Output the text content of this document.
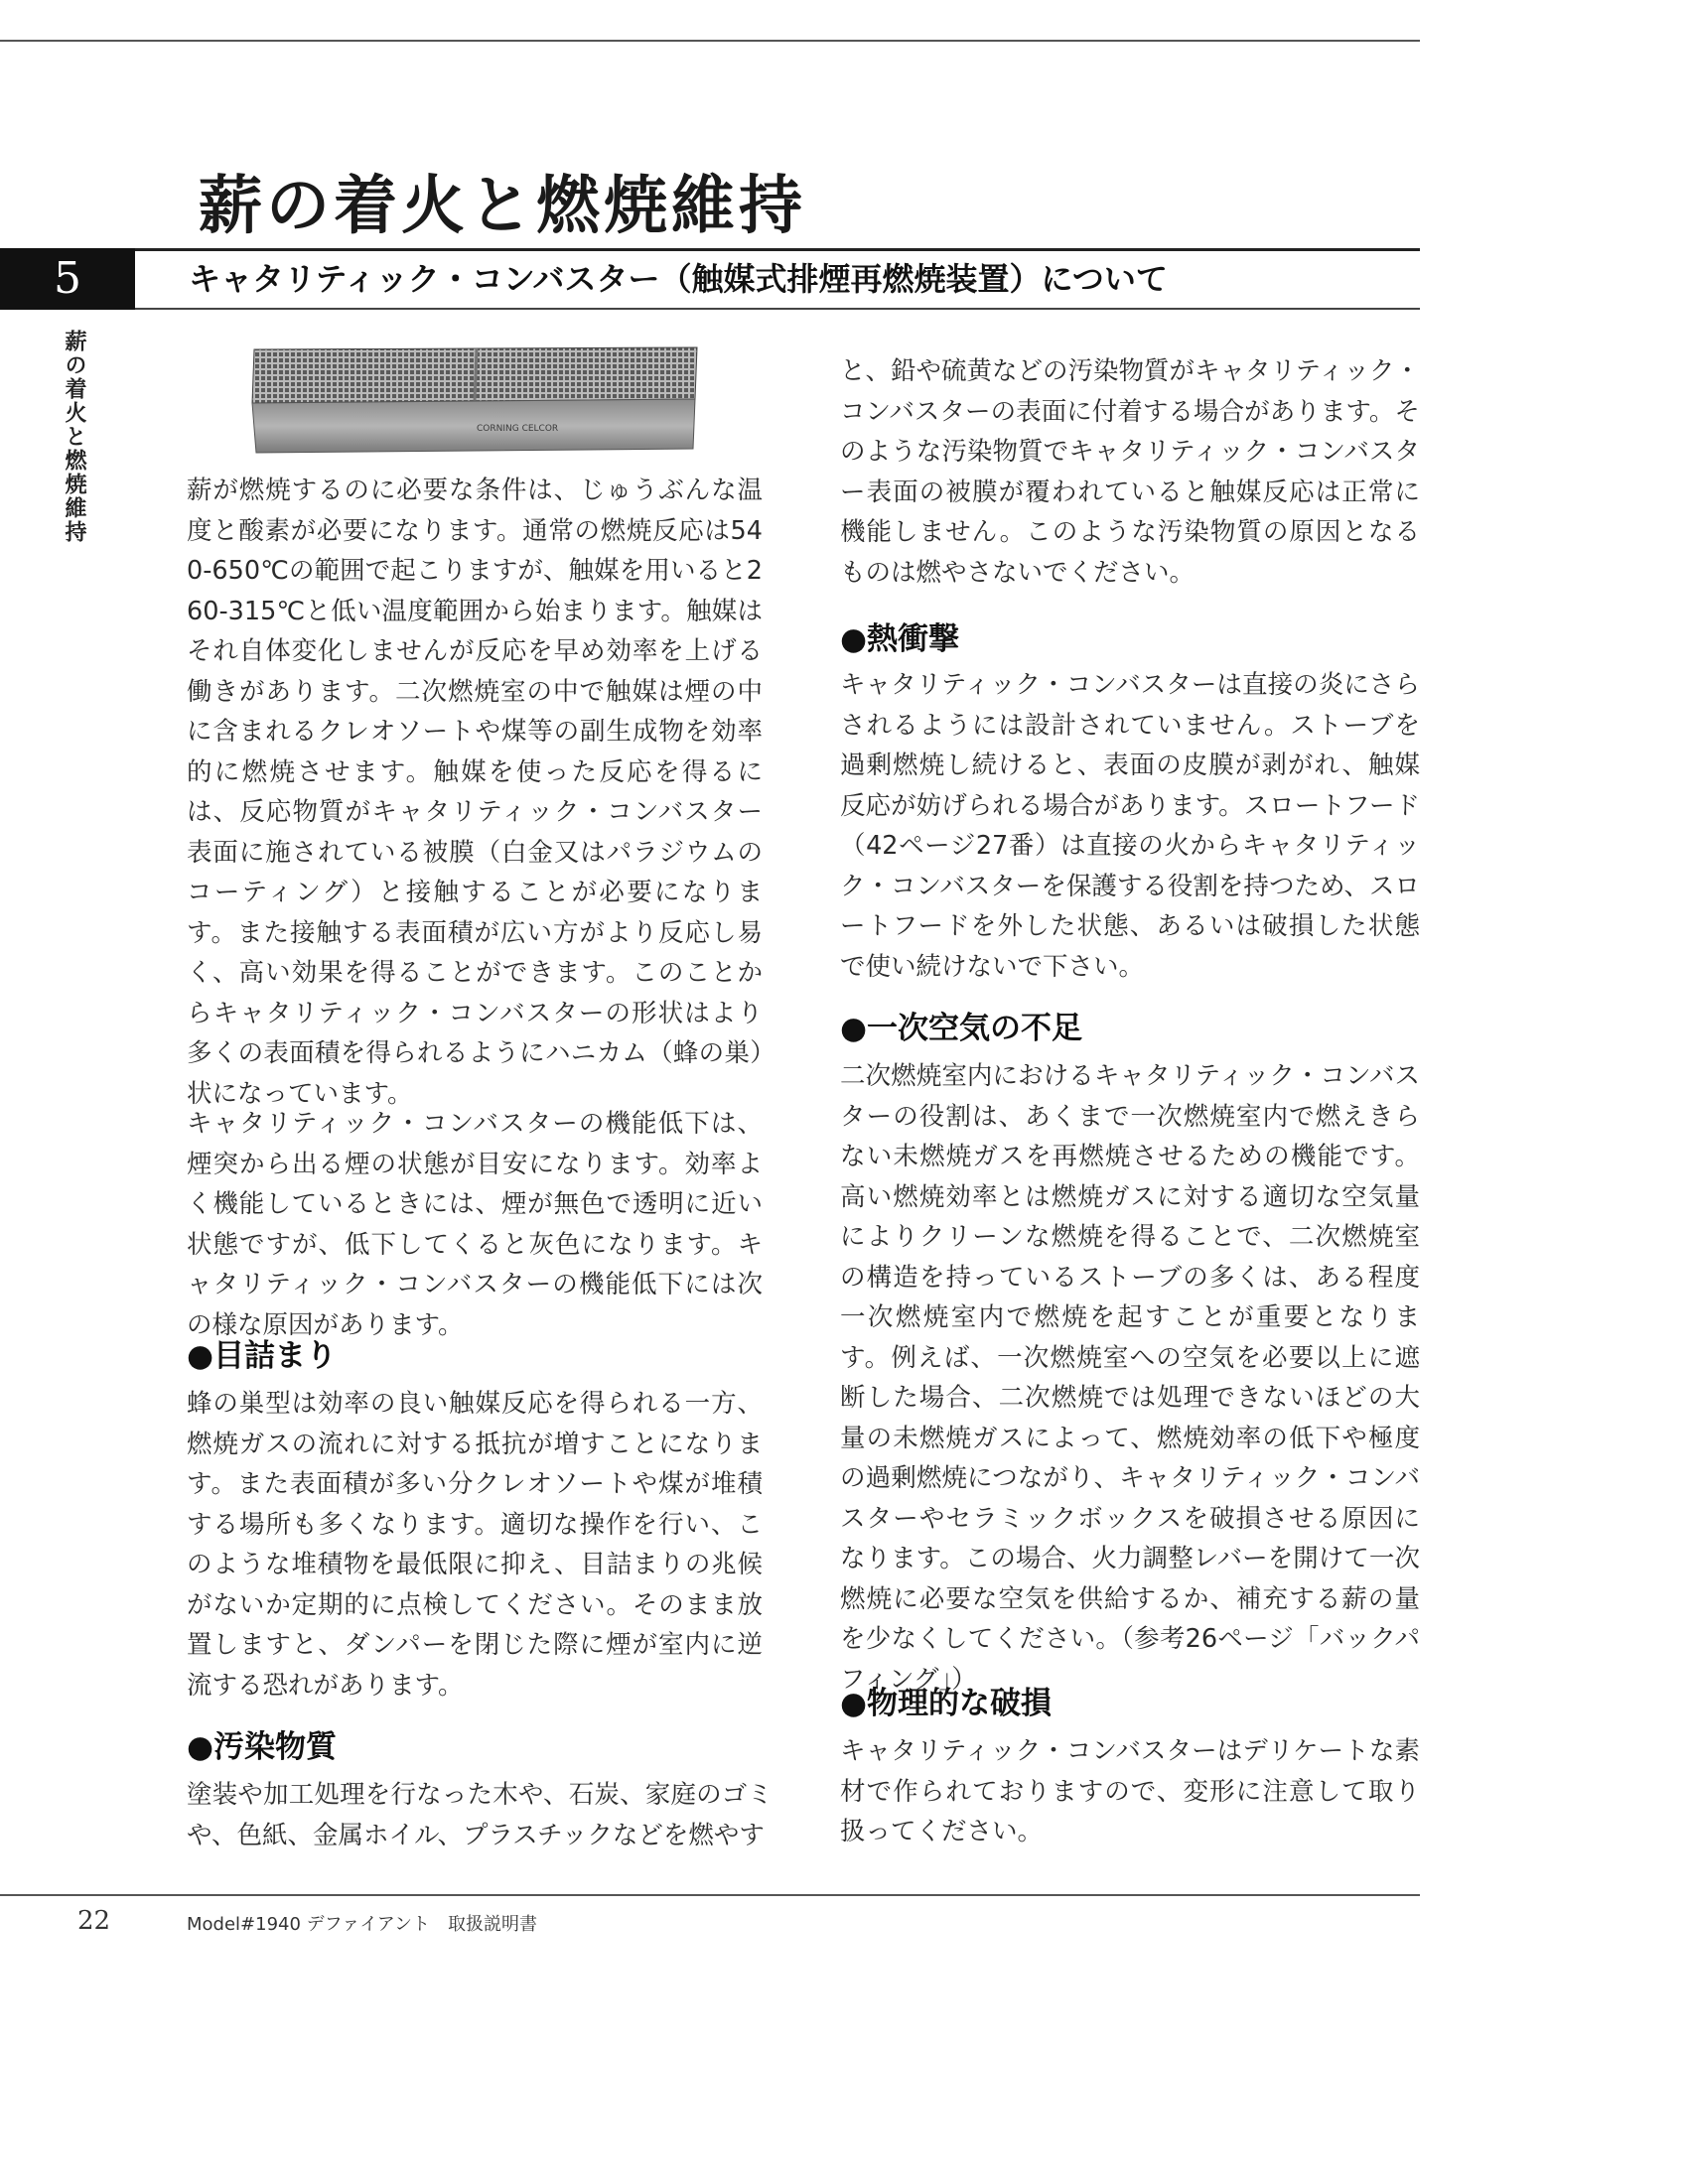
薪の着火と燃焼維持
5	キャタリティック・コンバスター（触媒式排煙再燃焼装置）について
薪の着火と燃焼維持	CORNING CELCOR

薪が燃焼するのに必要な条件は、じゅうぶんな温度と酸素が必要になります。通常の燃焼反応は540-650℃の範囲で起こりますが、触媒を用いると260-315℃と低い温度範囲から始まります。触媒はそれ自体変化しませんが反応を早め効率を上げる働きがあります。二次燃焼室の中で触媒は煙の中に含まれるクレオソートや煤等の副生成物を効率的に燃焼させます。触媒を使った反応を得るには、反応物質がキャタリティック・コンバスター表面に施されている被膜（白金又はパラジウムのコーティング）と接触することが必要になります。また接触する表面積が広い方がより反応し易く、高い効果を得ることができます。このことからキャタリティック・コンバスターの形状はより多くの表面積を得られるようにハニカム（蜂の巣）状になっています。

キャタリティック・コンバスターの機能低下は、煙突から出る煙の状態が目安になります。効率よく機能しているときには、煙が無色で透明に近い状態ですが、低下してくると灰色になります。キャタリティック・コンバスターの機能低下には次の様な原因があります。

●目詰まり

蜂の巣型は効率の良い触媒反応を得られる一方、燃焼ガスの流れに対する抵抗が増すことになります。また表面積が多い分クレオソートや煤が堆積する場所も多くなります。適切な操作を行い、このような堆積物を最低限に抑え、目詰まりの兆候がないか定期的に点検してください。そのまま放置しますと、ダンパーを閉じた際に煙が室内に逆流する恐れがあります。

●汚染物質

塗装や加工処理を行なった木や、石炭、家庭のゴミや、色紙、金属ホイル、プラスチックなどを燃やす

と、鉛や硫黄などの汚染物質がキャタリティック・コンバスターの表面に付着する場合があります。そのような汚染物質でキャタリティック・コンバスター表面の被膜が覆われていると触媒反応は正常に機能しません。このような汚染物質の原因となるものは燃やさないでください。

●熱衝撃

キャタリティック・コンバスターは直接の炎にさらされるようには設計されていません。ストーブを過剰燃焼し続けると、表面の皮膜が剥がれ、触媒反応が妨げられる場合があります。スロートフード（42ページ27番）は直接の火からキャタリティック・コンバスターを保護する役割を持つため、スロートフードを外した状態、あるいは破損した状態で使い続けないで下さい。

●一次空気の不足

二次燃焼室内におけるキャタリティック・コンバスターの役割は、あくまで一次燃焼室内で燃えきらない未燃焼ガスを再燃焼させるための機能です。高い燃焼効率とは燃焼ガスに対する適切な空気量によりクリーンな燃焼を得ることで、二次燃焼室の構造を持っているストーブの多くは、ある程度一次燃焼室内で燃焼を起すことが重要となります。例えば、一次燃焼室への空気を必要以上に遮断した場合、二次燃焼では処理できないほどの大量の未燃焼ガスによって、燃焼効率の低下や極度の過剰燃焼につながり、キャタリティック・コンバスターやセラミックボックスを破損させる原因になります。この場合、火力調整レバーを開けて一次燃焼に必要な空気を供給するか、補充する薪の量を少なくしてください。（参考26ページ「バックパフィング」）

●物理的な破損

キャタリティック・コンバスターはデリケートな素材で作られておりますので、変形に注意して取り扱ってください。

22	Model#1940 デファイアント　取扱説明書
